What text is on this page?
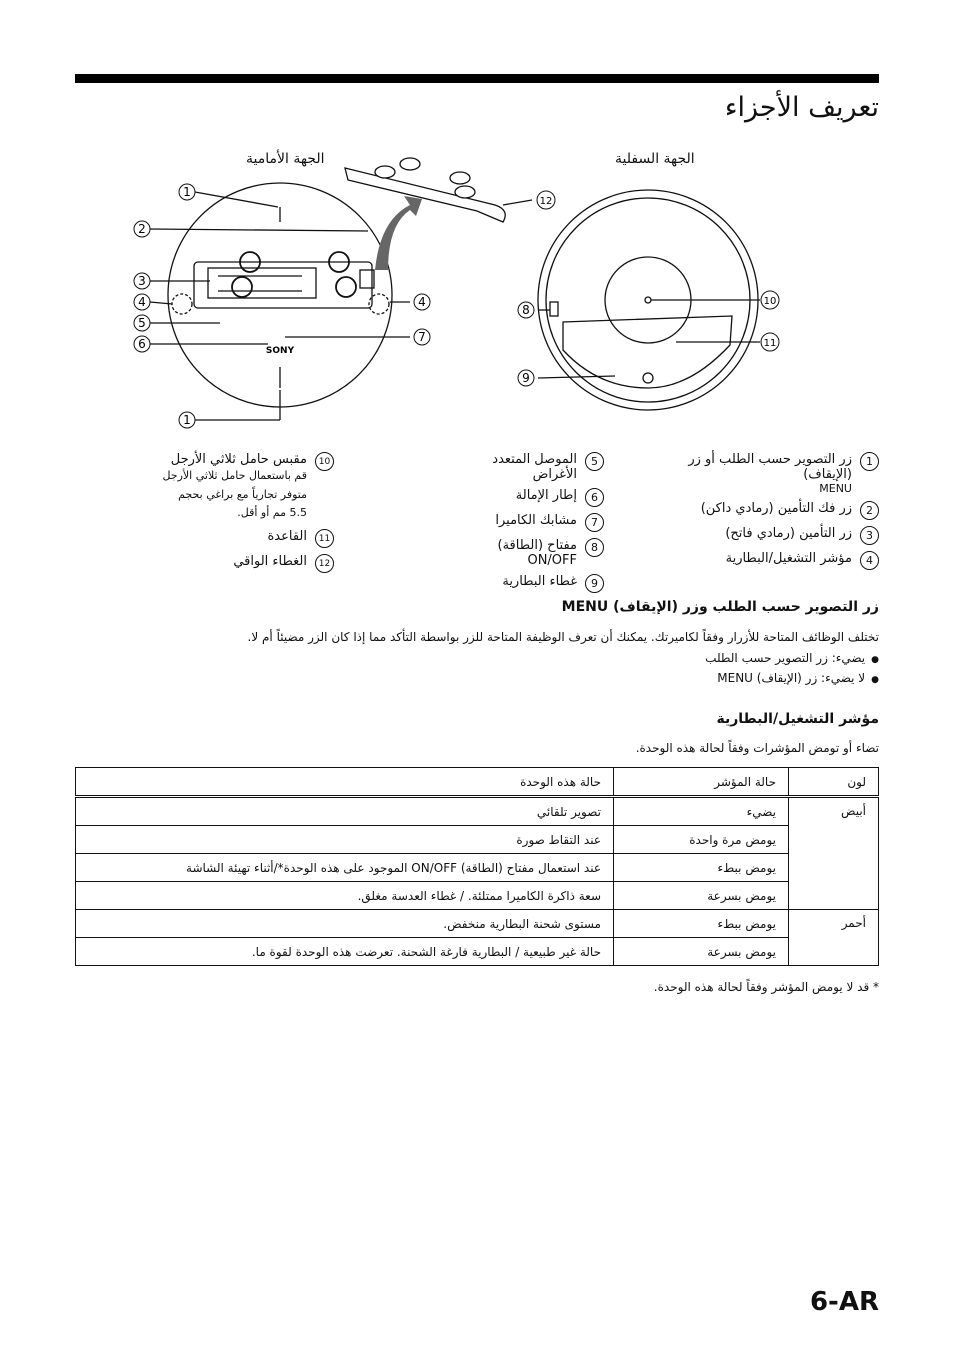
تعريف الأجزاء
الجهة الأمامية	الجهة السفلية
SONY
1
2
3
4
5
6
1
4
7
12
8
9
10
11
1
زر التصوير حسب الطلب أو زر (الإيقاف)
MENU
2
زر فك التأمين (رمادي داكن)
3
زر التأمين (رمادي فاتح)
4
مؤشر التشغيل/البطارية
5
الموصل المتعدد الأغراض
6
إطار الإمالة
7
مشابك الكاميرا
8
مفتاح (الطاقة) ON/OFF
9
غطاء البطارية
10
مقبس حامل ثلاثي الأرجل
قم باستعمال حامل ثلاثي الأرجل متوفر تجارياً مع براغي بحجم 5.5 مم أو أقل.
11
القاعدة
12
الغطاء الواقي
زر التصوير حسب الطلب وزر (الإيقاف) MENU
تختلف الوظائف المتاحة للأزرار وفقاً لكاميرتك. يمكنك أن تعرف الوظيفة المتاحة للزر بواسطة التأكد مما إذا كان الزر مضيئاً أم لا.
● يضيء: زر التصوير حسب الطلب
● لا يضيء: زر (الإيقاف) MENU
مؤشر التشغيل/البطارية
تضاء أو تومض المؤشرات وفقاً لحالة هذه الوحدة.
لون	حالة المؤشر	حالة هذه الوحدة
أبيض	يضيء	تصوير تلقائي
	يومض مرة واحدة	عند التقاط صورة
	يومض ببطء	عند استعمال مفتاح (الطاقة) ON/OFF الموجود على هذه الوحدة*/أثناء تهيئة الشاشة
	يومض بسرعة	سعة ذاكرة الكاميرا ممتلئة. / غطاء العدسة مغلق.
أحمر	يومض ببطء	مستوى شحنة البطارية منخفض.
	يومض بسرعة	حالة غير طبيعية / البطارية فارغة الشحنة. تعرضت هذه الوحدة لقوة ما.
* قد لا يومض المؤشر وفقاً لحالة هذه الوحدة.
6-AR
